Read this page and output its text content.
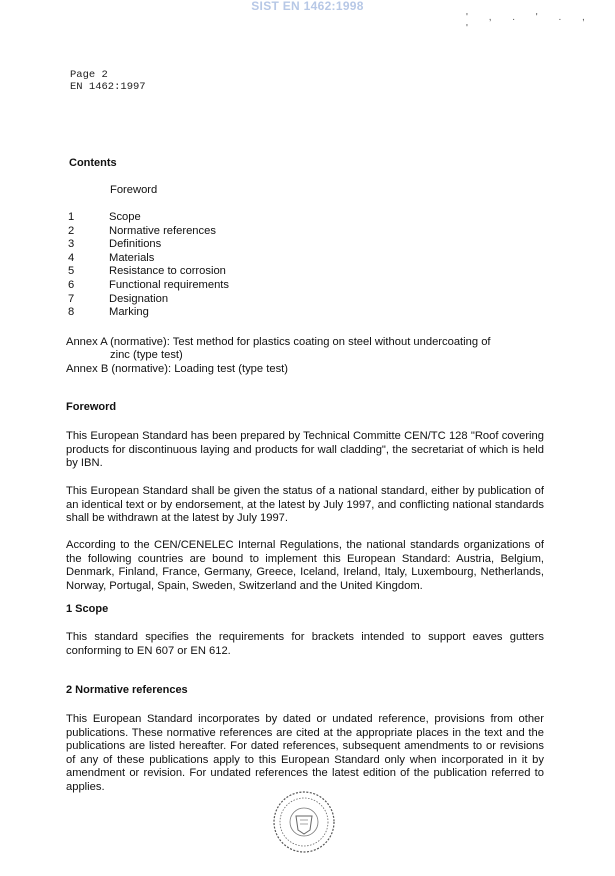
SIST EN 1462:1998
' , . ' . , '
Page 2
EN 1462:1997
Contents
Foreword
1	Scope
2	Normative references
3	Definitions
4	Materials
5	Resistance to corrosion
6	Functional requirements
7	Designation
8	Marking
Annex A (normative): Test method for plastics coating on steel without undercoating of
zinc (type test)
Annex B (normative): Loading test (type test)
Foreword
This European Standard has been prepared by Technical Committe CEN/TC 128 "Roof covering products for discontinuous laying and products for wall cladding", the secretariat of which is held by IBN.
This European Standard shall be given the status of a national standard, either by publication of an identical text or by endorsement, at the latest by July 1997, and conflicting national standards shall be withdrawn at the latest by July 1997.
According to the CEN/CENELEC Internal Regulations, the national standards organizations of the following countries are bound to implement this European Standard: Austria, Belgium, Denmark, Finland, France, Germany, Greece, Iceland, Ireland, Italy, Luxembourg, Netherlands, Norway, Portugal, Spain, Sweden, Switzerland and the United Kingdom.
1 Scope
This standard specifies the requirements for brackets intended to support eaves gutters conforming to EN 607 or EN 612.
2 Normative references
This European Standard incorporates by dated or undated reference, provisions from other publications. These normative references are cited at the appropriate places in the text and the publications are listed hereafter. For dated references, subsequent amendments to or revisions of any of these publications apply to this European Standard only when incorporated in it by amendment or revision. For undated references the latest edition of the publication referred to applies.
